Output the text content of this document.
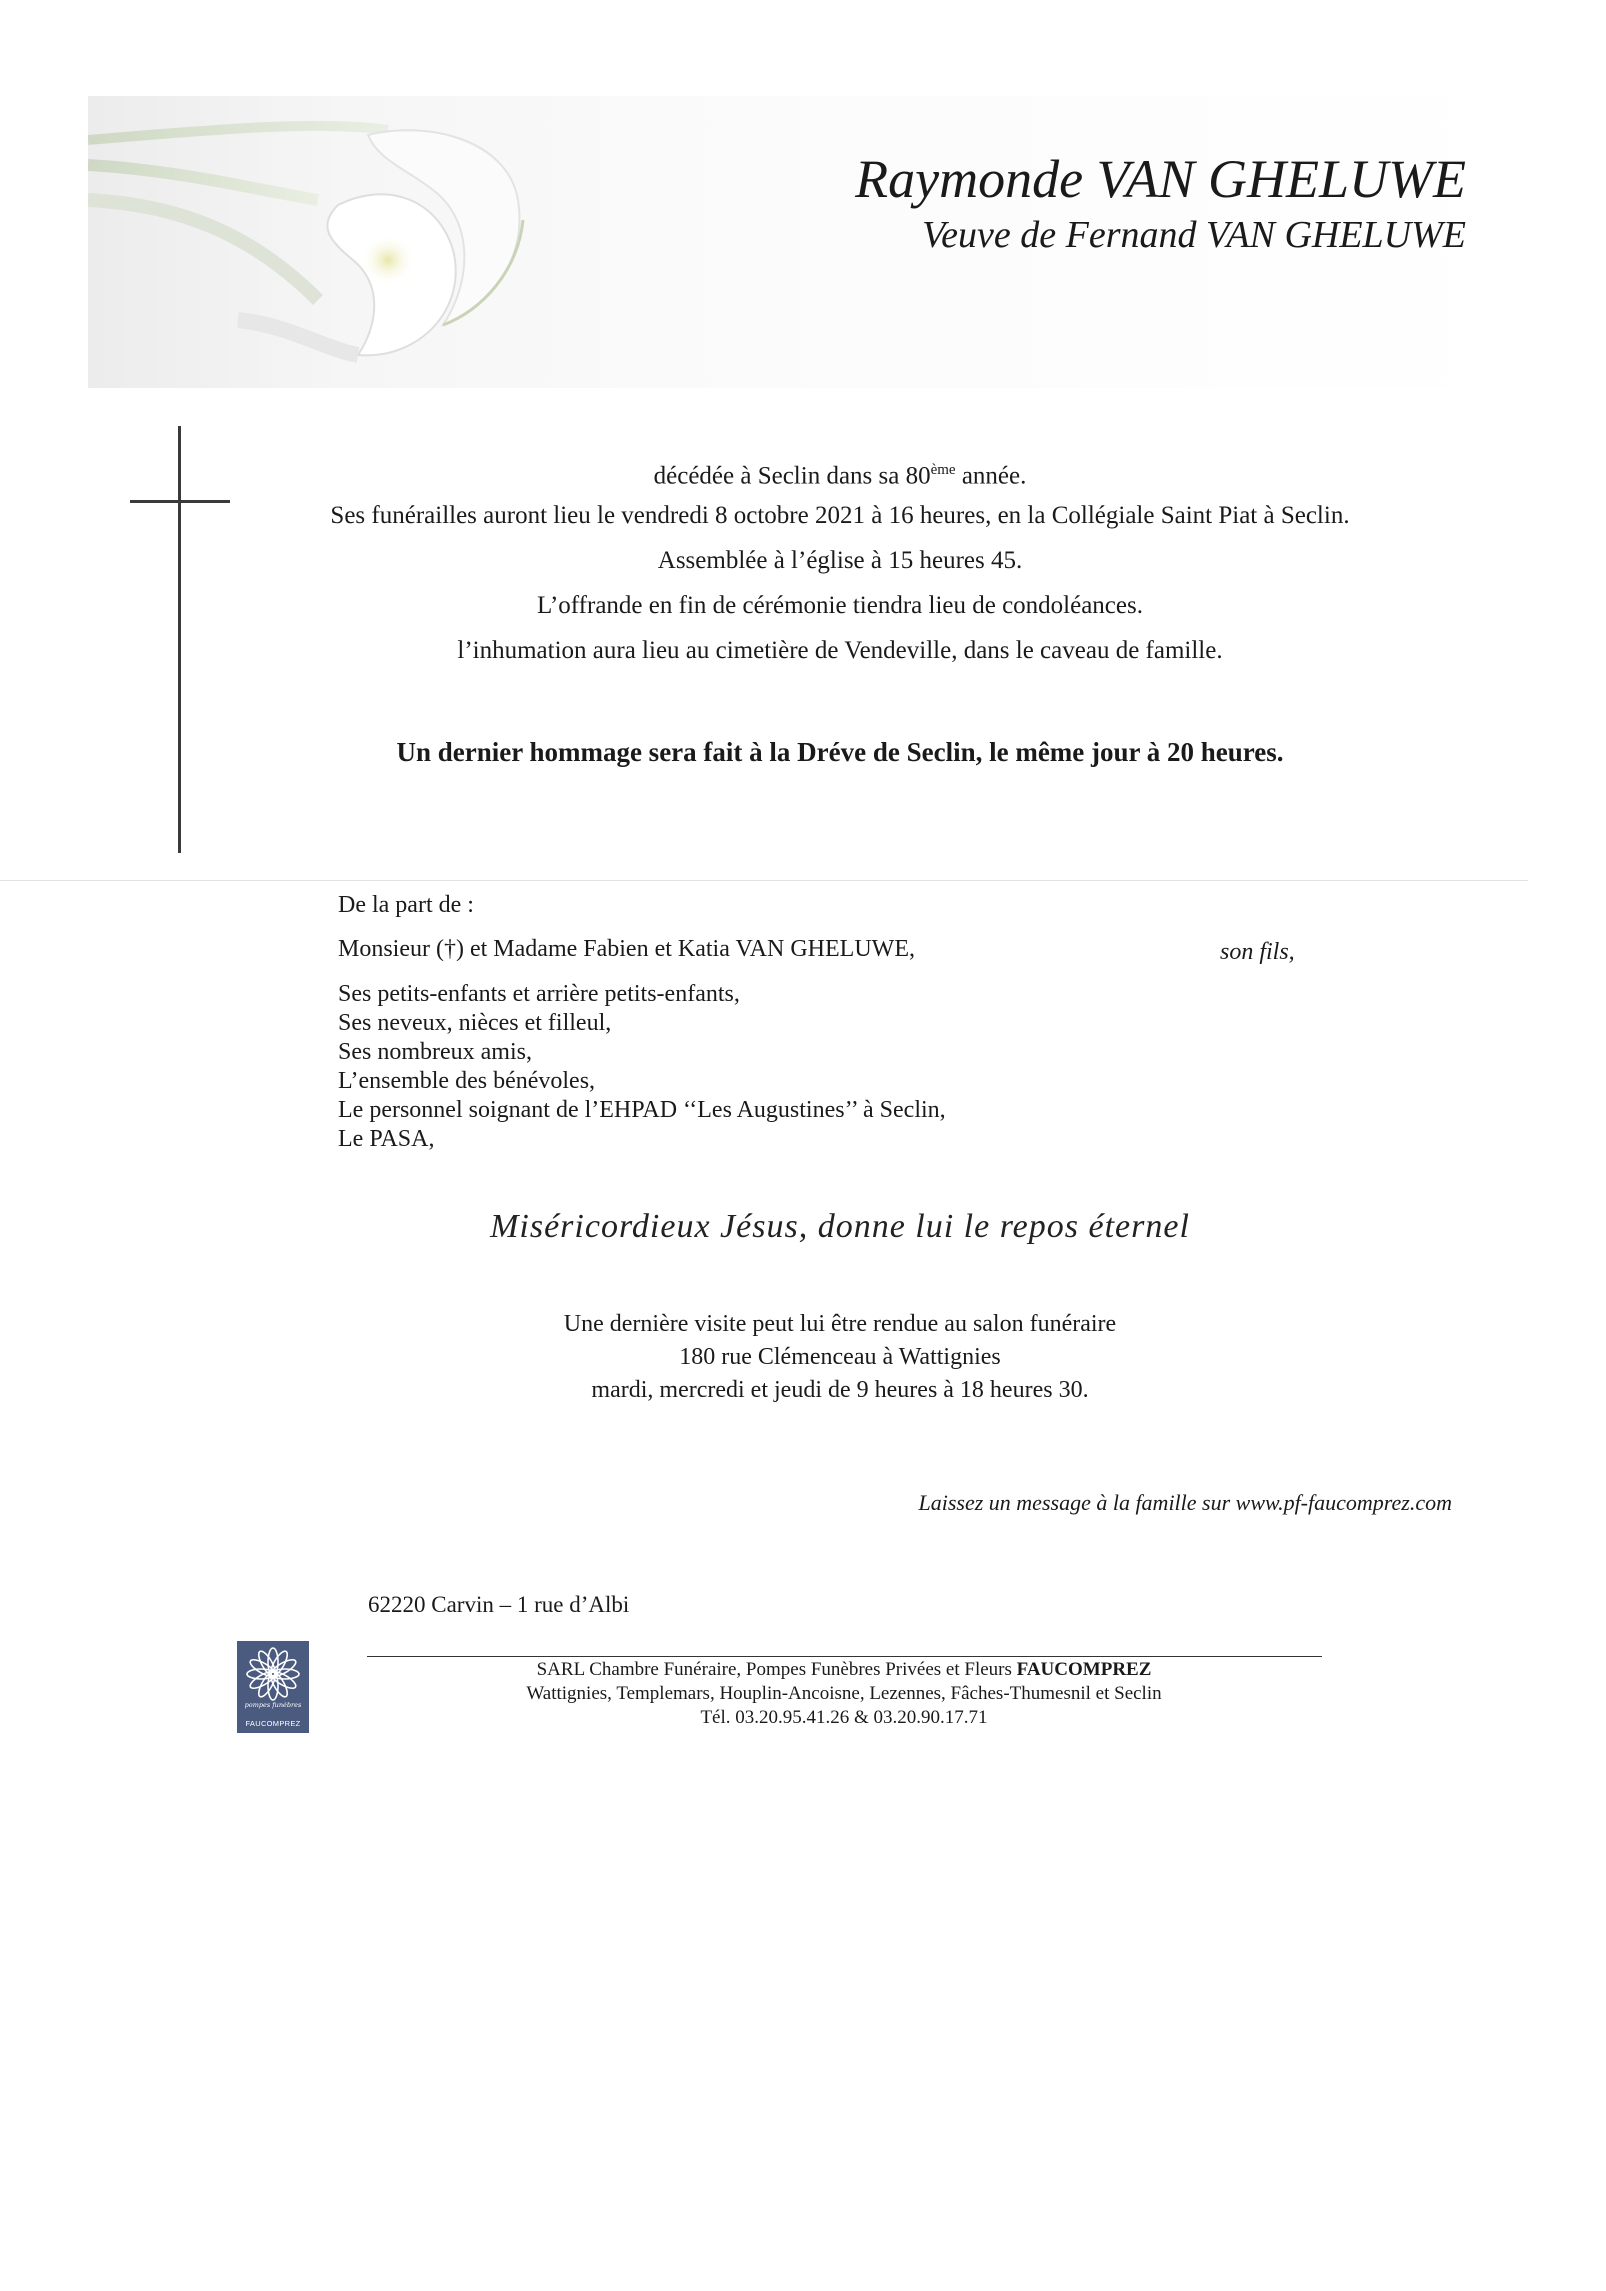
Raymonde VAN GHELUWE
Veuve de Fernand VAN GHELUWE

décédée à Seclin dans sa 80ème année.

Ses funérailles auront lieu le vendredi 8 octobre 2021 à 16 heures, en la Collégiale Saint Piat à Seclin.

Assemblée à l’église à 15 heures 45.

L’offrande en fin de cérémonie tiendra lieu de condoléances.

l’inhumation aura lieu au cimetière de Vendeville, dans le caveau de famille.

Un dernier hommage sera fait à la Dréve de Seclin, le même jour à 20 heures.
De la part de :
Monsieur (†) et Madame Fabien et Katia VAN GHELUWE,	son fils,
Ses petits-enfants et arrière petits-enfants,
Ses neveux, nièces et filleul,
Ses nombreux amis,
L’ensemble des bénévoles,
Le personnel soignant de l’EHPAD ‘‘Les Augustines’’ à Seclin,
Le PASA,
Miséricordieux Jésus, donne lui le repos éternel

Une dernière visite peut lui être rendue au salon funéraire

180 rue Clémenceau à Wattignies

mardi, mercredi et jeudi de 9 heures à 18 heures 30.

Laissez un message à la famille sur www.pf-faucomprez.com
62220 Carvin – 1 rue d’Albi
pompes funèbres
FAUCOMPREZ

SARL Chambre Funéraire, Pompes Funèbres Privées et Fleurs FAUCOMPREZ

Wattignies, Templemars, Houplin-Ancoisne, Lezennes, Fâches-Thumesnil et Seclin

Tél. 03.20.95.41.26 & 03.20.90.17.71
